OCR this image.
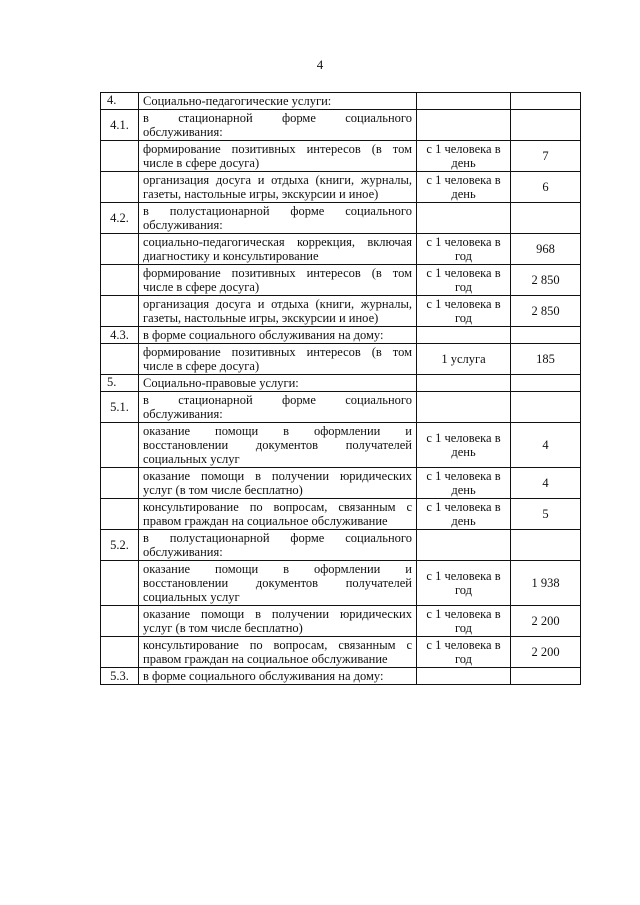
4
4.	Социально-педагогические услуги:		
4.1.	в стационарной форме социального обслуживания:		
	формирование позитивных интересов (в том числе в сфере досуга)	с 1 человека в день	7
	организация досуга и отдыха (книги, журналы, газеты, настольные игры, экскурсии и иное)	с 1 человека в день	6
4.2.	в полустационарной форме социального обслуживания:		
	социально-педагогическая коррекция, включая диагностику и консультирование	с 1 человека в год	968
	формирование позитивных интересов (в том числе в сфере досуга)	с 1 человека в год	2 850
	организация досуга и отдыха (книги, журналы, газеты, настольные игры, экскурсии и иное)	с 1 человека в год	2 850
4.3.	в форме социального обслуживания на дому:		
	формирование позитивных интересов (в том числе в сфере досуга)	1 услуга	185
5.	Социально-правовые услуги:		
5.1.	в стационарной форме социального обслуживания:		
	оказание помощи в оформлении и восстановлении документов получателей социальных услуг	с 1 человека в день	4
	оказание помощи в получении юридических услуг (в том числе бесплатно)	с 1 человека в день	4
	консультирование по вопросам, связанным с правом граждан на социальное обслуживание	с 1 человека в день	5
5.2.	в полустационарной форме социального обслуживания:		
	оказание помощи в оформлении и восстановлении документов получателей социальных услуг	с 1 человека в год	1 938
	оказание помощи в получении юридических услуг (в том числе бесплатно)	с 1 человека в год	2 200
	консультирование по вопросам, связанным с правом граждан на социальное обслуживание	с 1 человека в год	2 200
5.3.	в форме социального обслуживания на дому:		
